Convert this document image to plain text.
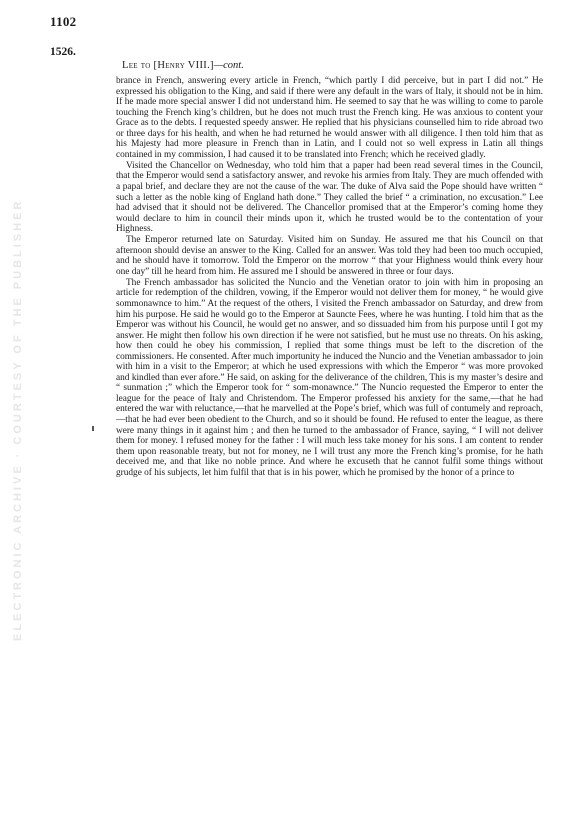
ELECTRONIC ARCHIVE · COURTESY OF THE PUBLISHER
1102
1526.
Lee to [Henry VIII.]—cont.

brance in French, answering every article in French, “which partly I did perceive, but in part I did not.” He expressed his obligation to the King, and said if there were any default in the wars of Italy, it should not be in him. If he made more special answer I did not understand him. He seemed to say that he was willing to come to parole touching the French king’s children, but he does not much trust the French king. He was anxious to content your Grace as to the debts. I requested speedy answer. He replied that his physicians counselled him to ride abroad two or three days for his health, and when he had returned he would answer with all diligence. I then told him that as his Majesty had more pleasure in French than in Latin, and I could not so well express in Latin all things contained in my commission, I had caused it to be translated into French; which he received gladly.

Visited the Chancellor on Wednesday, who told him that a paper had been read several times in the Council, that the Emperor would send a satisfactory answer, and revoke his armies from Italy. They are much offended with a papal brief, and declare they are not the cause of the war. The duke of Alva said the Pope should have written “ such a letter as the noble king of England hath done.” They called the brief “ a crimination, no excusation.” Lee had advised that it should not be delivered. The Chancellor promised that at the Emperor’s coming home they would declare to him in council their minds upon it, which he trusted would be to the contentation of your Highness.

The Emperor returned late on Saturday. Visited him on Sunday. He assured me that his Council on that afternoon should devise an answer to the King. Called for an answer. Was told they had been too much occupied, and he should have it tomorrow. Told the Emperor on the morrow “ that your Highness would think every hour one day” till he heard from him. He assured me I should be answered in three or four days.

The French ambassador has solicited the Nuncio and the Venetian orator to join with him in proposing an article for redemption of the children, vowing, if the Emperor would not deliver them for money, “ he would give sommonawnce to him.” At the request of the others, I visited the French ambassador on Saturday, and drew from him his purpose. He said he would go to the Emperor at Sauncte Fees, where he was hunting. I told him that as the Emperor was without his Council, he would get no answer, and so dissuaded him from his purpose until I got my answer. He might then follow his own direction if he were not satisfied, but he must use no threats. On his asking, how then could he obey his commission, I replied that some things must be left to the discretion of the commissioners. He consented. After much importunity he induced the Nuncio and the Venetian ambassador to join with him in a visit to the Emperor; at which he used expressions with which the Emperor “ was more provoked and kindled than ever afore.” He said, on asking for the deliverance of the children, This is my master’s desire and “ sunmation ;” which the Emperor took for “ som-monawnce.” The Nuncio requested the Emperor to enter the league for the peace of Italy and Christendom. The Emperor professed his anxiety for the same,—that he had entered the war with reluctance,—that he marvelled at the Pope’s brief, which was full of contumely and reproach,—that he had ever been obedient to the Church, and so it should be found. He refused to enter the league, as there were many things in it against him ; and then he turned to the ambassador of France, saying, “ I will not deliver them for money. I refused money for the father : I will much less take money for his sons. I am content to render them upon reasonable treaty, but not for money, ne I will trust any more the French king’s promise, for he hath deceived me, and that like no noble prince. And where he excuseth that he cannot fulfil some things without grudge of his subjects, let him fulfil that that is in his power, which he promised by the honor of a prince to
